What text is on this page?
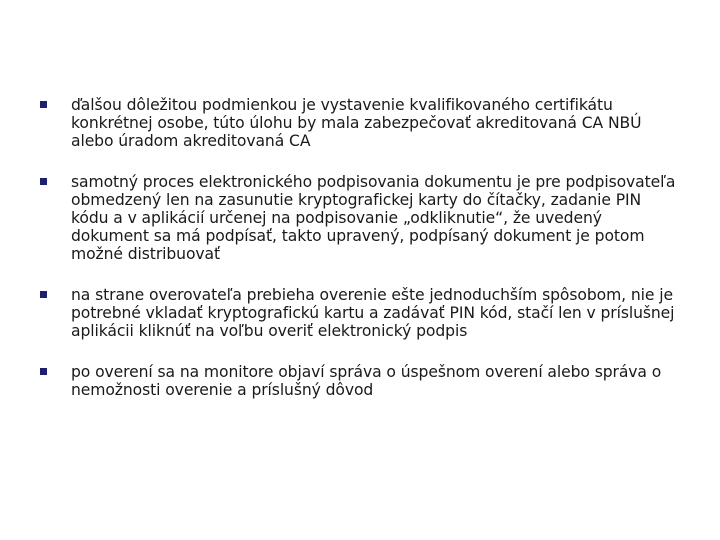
ďalšou dôležitou podmienkou je vystavenie kvalifikovaného certifikátu konkrétnej osobe, túto úlohu by mala zabezpečovať akreditovaná CA NBÚ alebo úradom akreditovaná CA
samotný proces elektronického podpisovania dokumentu je pre podpisovateľa obmedzený len na zasunutie kryptografickej karty do čítačky, zadanie PIN kódu a v aplikácií určenej na podpisovanie „odkliknutie“, že uvedený dokument sa má podpísať, takto upravený, podpísaný dokument je potom možné distribuovať
na strane overovateľa prebieha overenie ešte jednoduchším spôsobom, nie je potrebné vkladať kryptografickú kartu a zadávať PIN kód, stačí len v príslušnej aplikácii kliknúť na voľbu overiť elektronický podpis
po overení sa na monitore objaví správa o úspešnom overení alebo správa o nemožnosti overenie a príslušný dôvod
